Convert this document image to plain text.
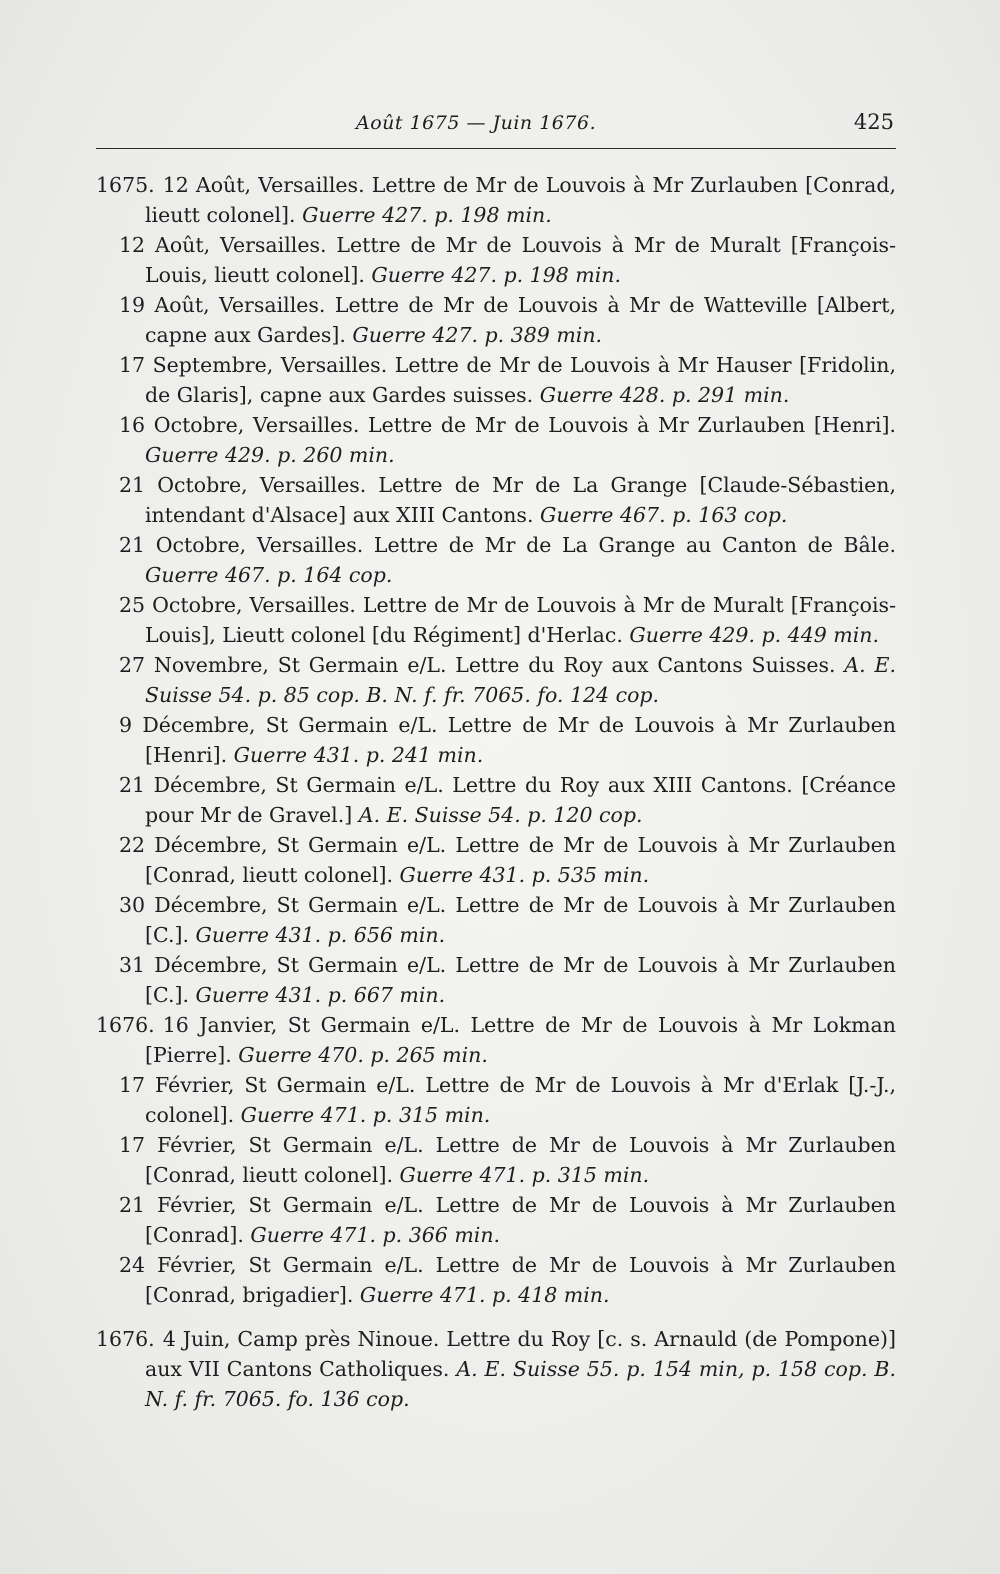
Août 1675 — Juin 1676.	425

1675. 12 Août, Versailles. Lettre de Mr de Louvois à Mr Zurlauben [Conrad, lieutt colonel]. Guerre 427. p. 198 min.

12 Août, Versailles. Lettre de Mr de Louvois à Mr de Muralt [François-Louis, lieutt colonel]. Guerre 427. p. 198 min.

19 Août, Versailles. Lettre de Mr de Louvois à Mr de Watteville [Albert, capne aux Gardes]. Guerre 427. p. 389 min.

17 Septembre, Versailles. Lettre de Mr de Louvois à Mr Hauser [Fridolin, de Glaris], capne aux Gardes suisses. Guerre 428. p. 291 min.

16 Octobre, Versailles. Lettre de Mr de Louvois à Mr Zurlauben [Henri]. Guerre 429. p. 260 min.

21 Octobre, Versailles. Lettre de Mr de La Grange [Claude-Sébastien, intendant d'Alsace] aux XIII Cantons. Guerre 467. p. 163 cop.

21 Octobre, Versailles. Lettre de Mr de La Grange au Canton de Bâle. Guerre 467. p. 164 cop.

25 Octobre, Versailles. Lettre de Mr de Louvois à Mr de Muralt [François-Louis], Lieutt colonel [du Régiment] d'Herlac. Guerre 429. p. 449 min.

27 Novembre, St Germain e/L. Lettre du Roy aux Cantons Suisses. A. E. Suisse 54. p. 85 cop. B. N. f. fr. 7065. fo. 124 cop.

9 Décembre, St Germain e/L. Lettre de Mr de Louvois à Mr Zurlauben [Henri]. Guerre 431. p. 241 min.

21 Décembre, St Germain e/L. Lettre du Roy aux XIII Cantons. [Créance pour Mr de Gravel.] A. E. Suisse 54. p. 120 cop.

22 Décembre, St Germain e/L. Lettre de Mr de Louvois à Mr Zurlauben [Conrad, lieutt colonel]. Guerre 431. p. 535 min.

30 Décembre, St Germain e/L. Lettre de Mr de Louvois à Mr Zurlauben [C.]. Guerre 431. p. 656 min.

31 Décembre, St Germain e/L. Lettre de Mr de Louvois à Mr Zurlauben [C.]. Guerre 431. p. 667 min.

1676. 16 Janvier, St Germain e/L. Lettre de Mr de Louvois à Mr Lokman [Pierre]. Guerre 470. p. 265 min.

17 Février, St Germain e/L. Lettre de Mr de Louvois à Mr d'Erlak [J.-J., colonel]. Guerre 471. p. 315 min.

17 Février, St Germain e/L. Lettre de Mr de Louvois à Mr Zurlauben [Conrad, lieutt colonel]. Guerre 471. p. 315 min.

21 Février, St Germain e/L. Lettre de Mr de Louvois à Mr Zurlauben [Conrad]. Guerre 471. p. 366 min.

24 Février, St Germain e/L. Lettre de Mr de Louvois à Mr Zurlauben [Conrad, brigadier]. Guerre 471. p. 418 min.

1676. 4 Juin, Camp près Ninoue. Lettre du Roy [c. s. Arnauld (de Pompone)] aux VII Cantons Catholiques. A. E. Suisse 55. p. 154 min, p. 158 cop. B. N. f. fr. 7065. fo. 136 cop.
